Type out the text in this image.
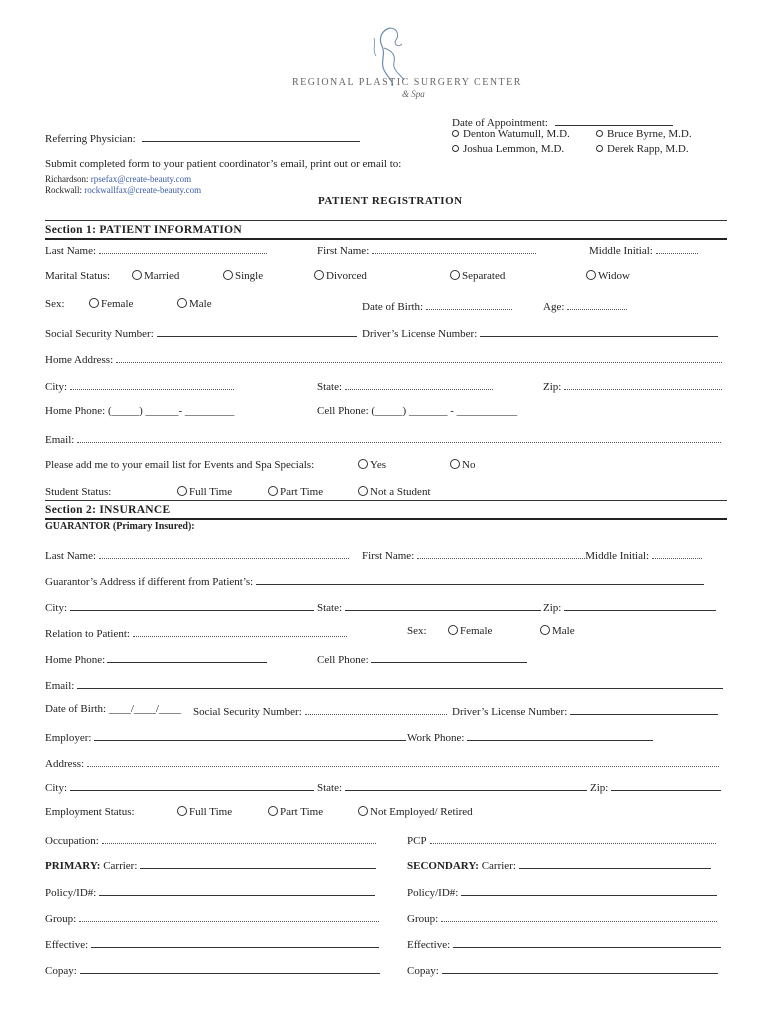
REGIONAL PLASTIC SURGERY CENTER
& Spa
Referring Physician:
Date of Appointment:
Denton Watumull, M.D.	Bruce Byrne, M.D.
Joshua Lemmon, M.D.	Derek Rapp, M.D.
Submit completed form to your patient coordinator’s email, print out or email to:
Richardson: rpsefax@create-beauty.com
Rockwall: rockwallfax@create-beauty.com
PATIENT REGISTRATION
Section 1: PATIENT INFORMATION
Last Name:	First Name:	Middle Initial:
Marital Status:	Married	Single	Divorced	Separated	Widow
Sex:	Female	Male	Date of Birth:	Age:
Social Security Number:	Driver’s License Number:
Home Address:
City:	State:	Zip:
Home Phone: (_____) ______- _________	Cell Phone: (_____) _______ - ___________
Email:
Please add me to your email list for Events and Spa Specials:	Yes	No
Student Status:	Full Time	Part Time	Not a Student
Section 2: INSURANCE
GUARANTOR (Primary Insured):
Last Name:	First Name:	Middle Initial:
Guarantor’s Address if different from Patient’s:
City:	State:	Zip:
Relation to Patient:	Sex:	Female	Male
Home Phone:	Cell Phone:
Email:
Date of Birth: ____/____/____ Social Security Number:	Driver’s License Number:
Employer:	Work Phone:
Address:
City:	State:	Zip:
Employment Status:	Full Time	Part Time	Not Employed/ Retired
Occupation:	PCP
PRIMARY: Carrier:	SECONDARY: Carrier:
Policy/ID#:	Policy/ID#:
Group:	Group:
Effective:	Effective:
Copay:	Copay:
